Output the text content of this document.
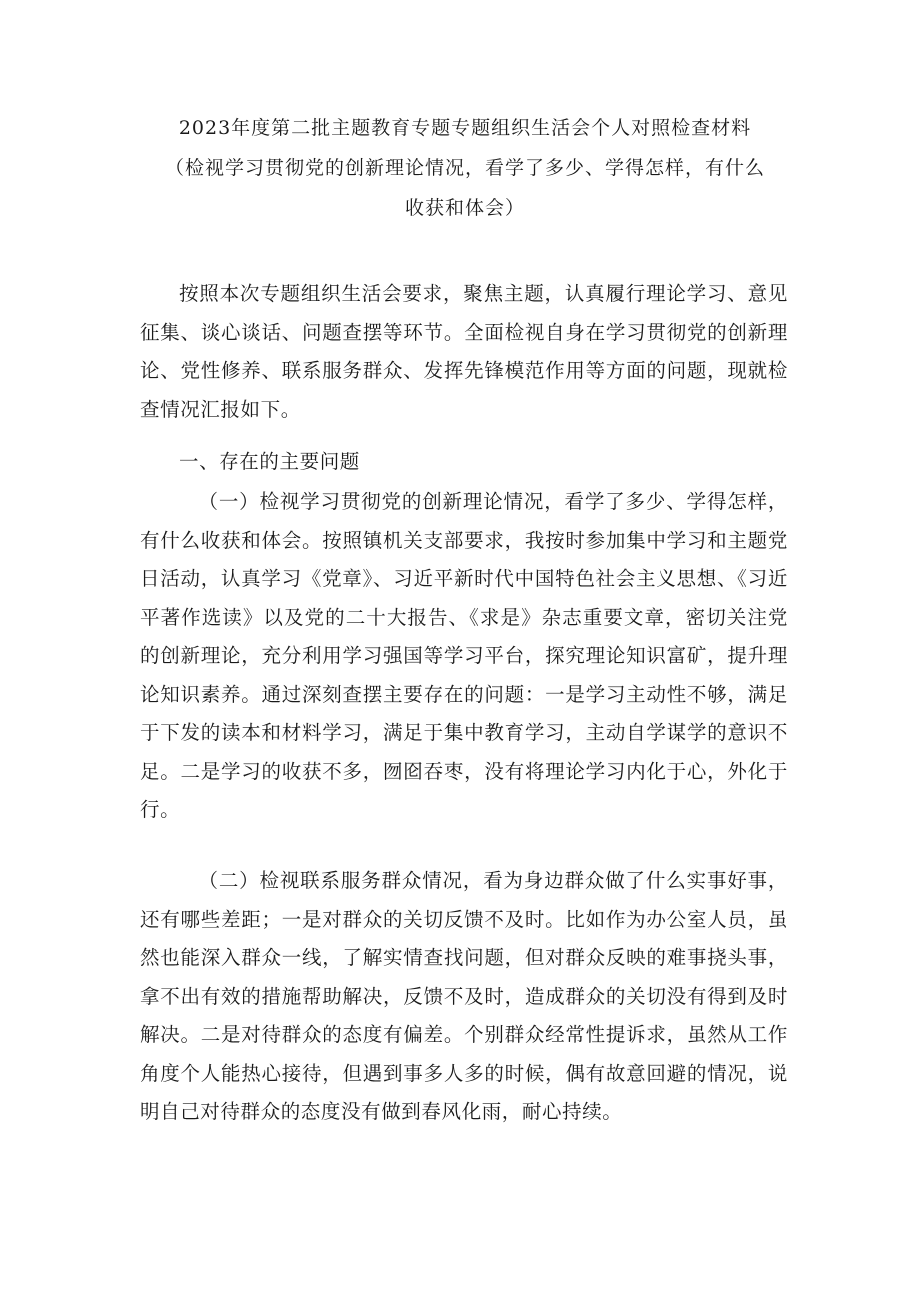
2023年度第二批主题教育专题专题组织生活会个人对照检查材料（检视学习贯彻党的创新理论情况，看学了多少、学得怎样，有什么收获和体会）

按照本次专题组织生活会要求，聚焦主题，认真履行理论学习、意见征集、谈心谈话、问题查摆等环节。全面检视自身在学习贯彻党的创新理论、党性修养、联系服务群众、发挥先锋模范作用等方面的问题，现就检查情况汇报如下。

一、存在的主要问题

（一）检视学习贯彻党的创新理论情况，看学了多少、学得怎样，有什么收获和体会。按照镇机关支部要求，我按时参加集中学习和主题党日活动，认真学习《党章》、习近平新时代中国特色社会主义思想、《习近平著作选读》以及党的二十大报告、《求是》杂志重要文章，密切关注党的创新理论，充分利用学习强国等学习平台，探究理论知识富矿，提升理论知识素养。通过深刻查摆主要存在的问题：一是学习主动性不够，满足于下发的读本和材料学习，满足于集中教育学习，主动自学谋学的意识不足。二是学习的收获不多，囫囵吞枣，没有将理论学习内化于心，外化于行。

（二）检视联系服务群众情况，看为身边群众做了什么实事好事，还有哪些差距；一是对群众的关切反馈不及时。比如作为办公室人员，虽然也能深入群众一线，了解实情查找问题，但对群众反映的难事挠头事，拿不出有效的措施帮助解决，反馈不及时，造成群众的关切没有得到及时解决。二是对待群众的态度有偏差。个别群众经常性提诉求，虽然从工作角度个人能热心接待，但遇到事多人多的时候，偶有故意回避的情况，说明自己对待群众的态度没有做到春风化雨，耐心持续。
